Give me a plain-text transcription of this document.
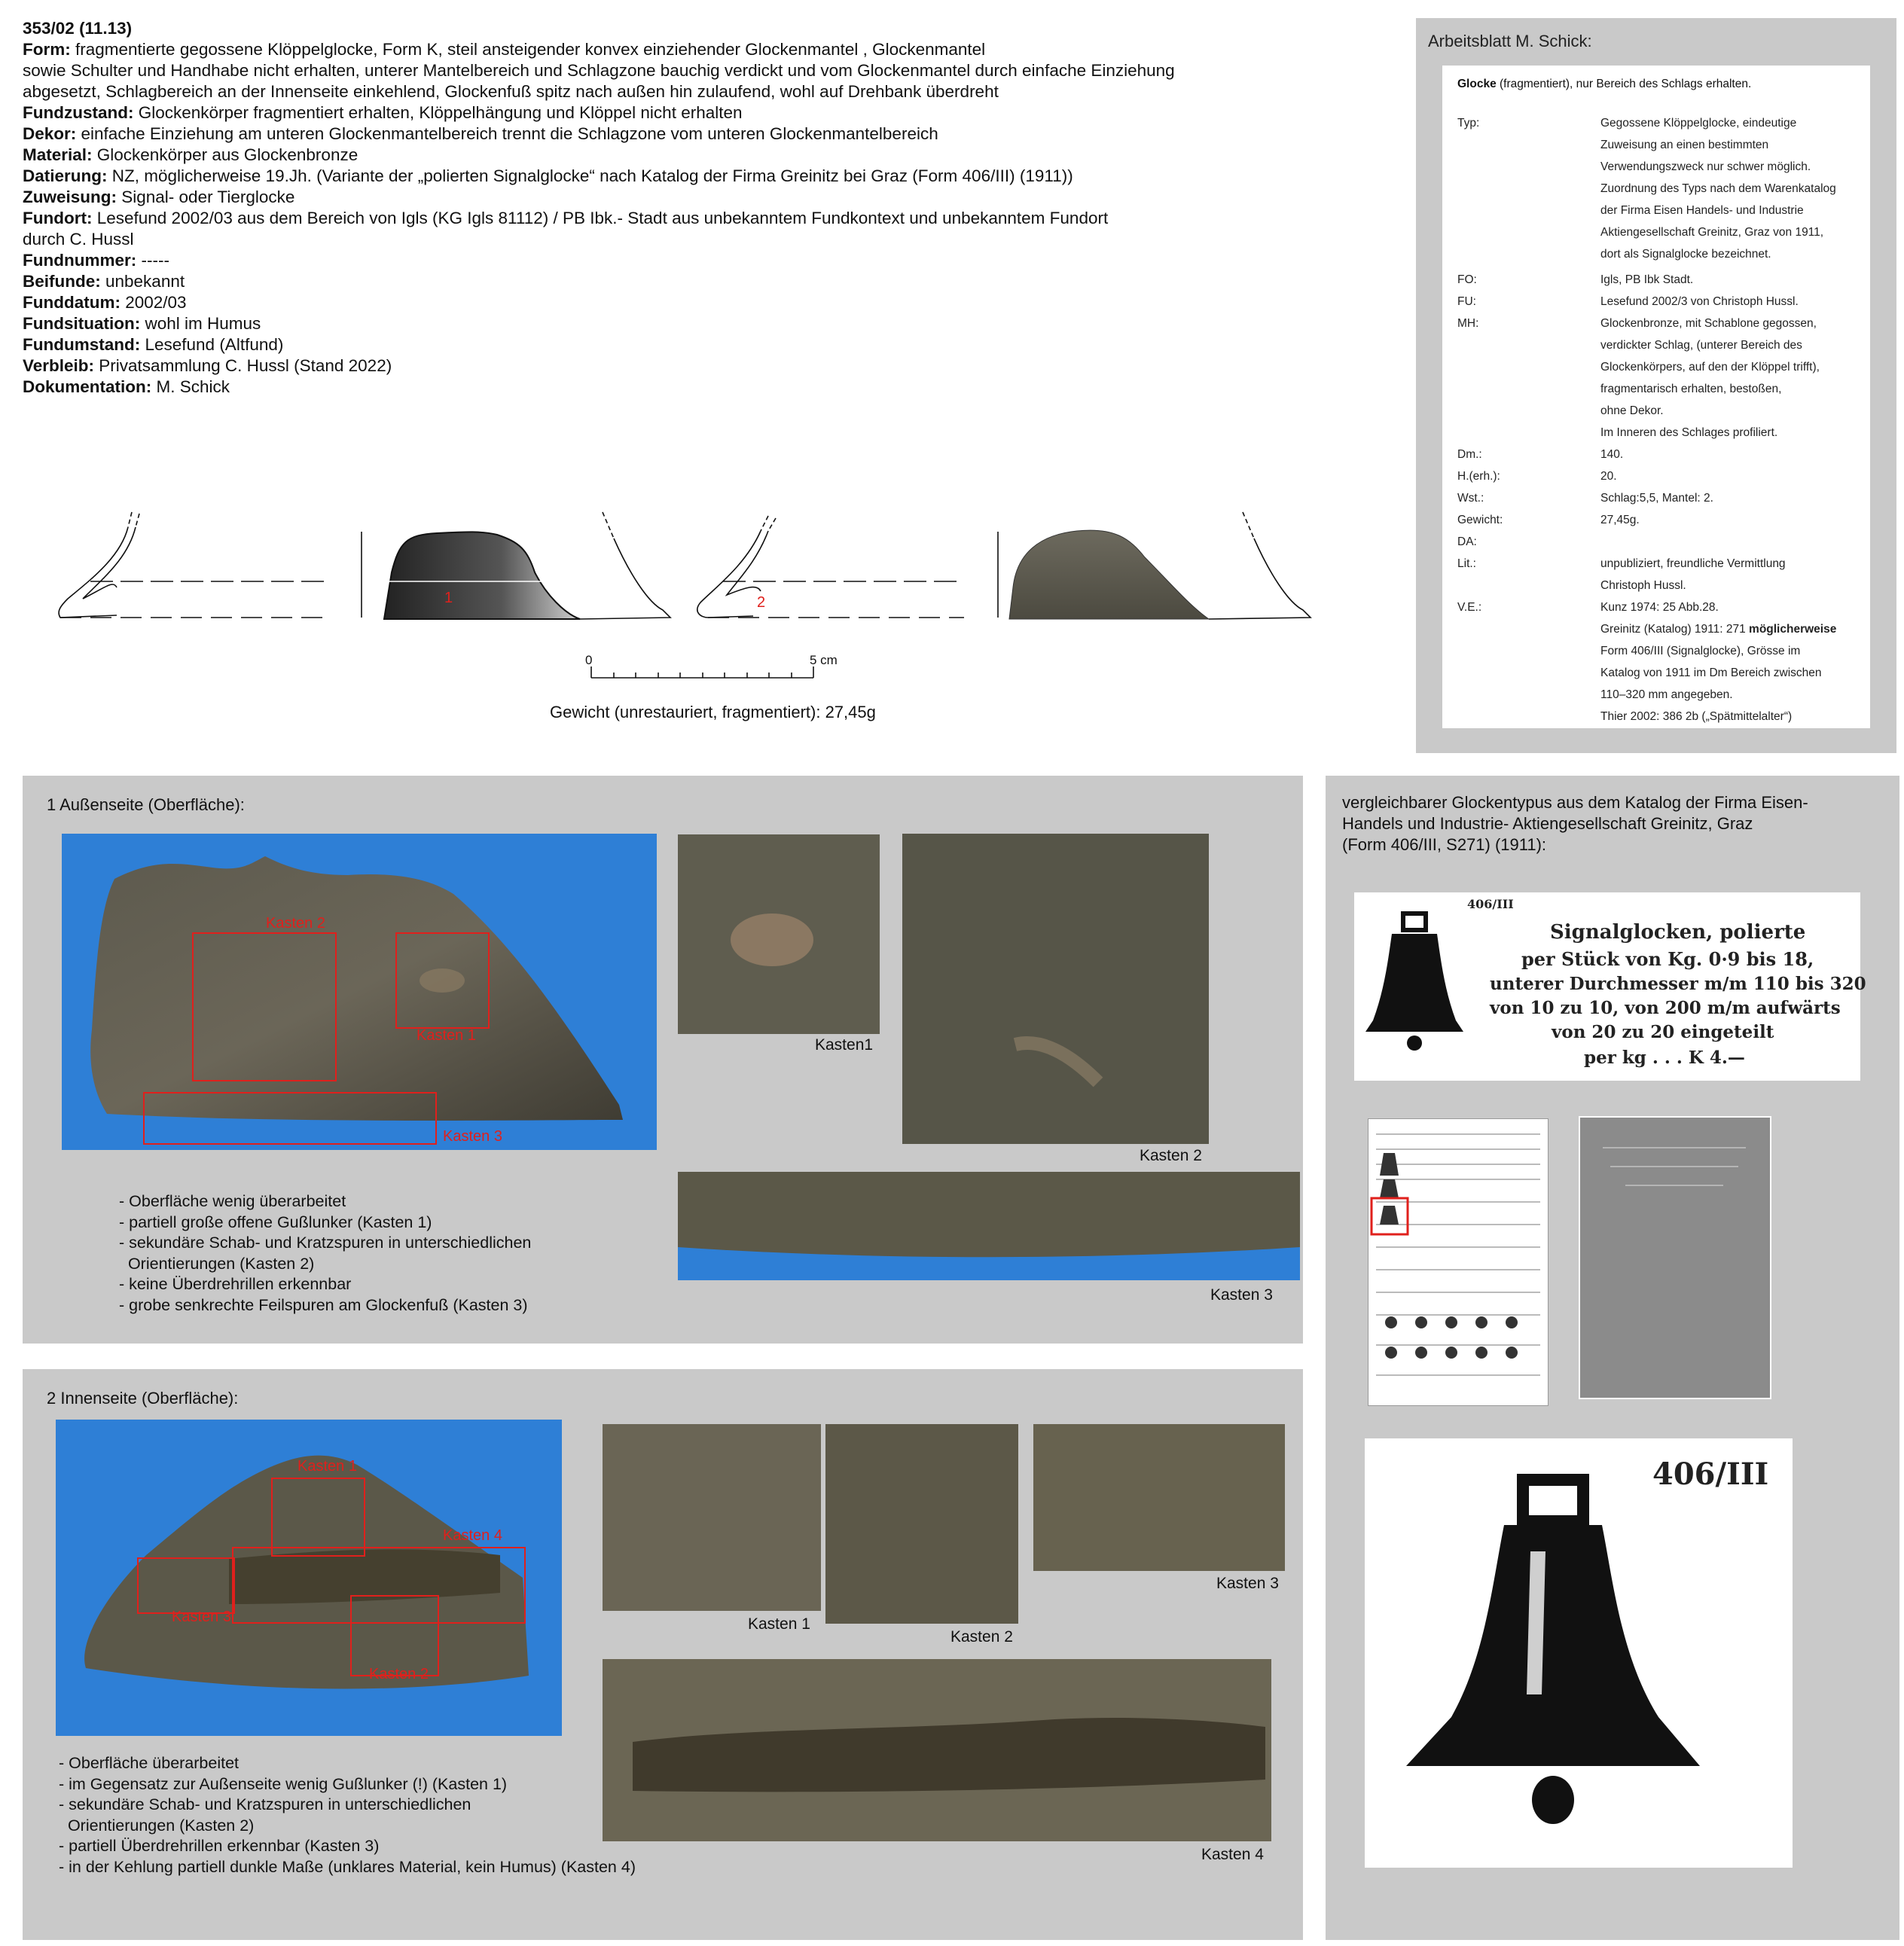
353/02 (11.13)
Form: fragmentierte gegossene Klöppelglocke, Form K, steil ansteigender konvex einziehender Glockenmantel , Glockenmantel
sowie Schulter und Handhabe nicht erhalten, unterer Mantelbereich und Schlagzone bauchig verdickt und vom Glockenmantel durch einfache Einziehung
abgesetzt, Schlagbereich an der Innenseite einkehlend, Glockenfuß spitz nach außen hin zulaufend, wohl auf Drehbank überdreht
Fundzustand: Glockenkörper fragmentiert erhalten, Klöppelhängung und Klöppel nicht erhalten
Dekor: einfache Einziehung am unteren Glockenmantelbereich trennt die Schlagzone vom unteren Glockenmantelbereich
Material: Glockenkörper aus Glockenbronze
Datierung: NZ, möglicherweise 19.Jh. (Variante der „polierten Signalglocke“ nach Katalog der Firma Greinitz bei Graz (Form 406/III) (1911))
Zuweisung: Signal- oder Tierglocke
Fundort: Lesefund 2002/03 aus dem Bereich von Igls (KG Igls 81112) / PB Ibk.- Stadt aus unbekanntem Fundkontext und unbekanntem Fundort
durch C. Hussl
Fundnummer: -----
Beifunde: unbekannt
Funddatum: 2002/03
Fundsituation: wohl im Humus
Fundumstand: Lesefund (Altfund)
Verbleib: Privatsammlung C. Hussl (Stand 2022)
Dokumentation: M. Schick
1	2
0	5 cm
Gewicht (unrestauriert, fragmentiert): 27,45g
Arbeitsblatt M. Schick:
Glocke (fragmentiert), nur Bereich des Schlags erhalten.
Typ:	Gegossene Klöppelglocke, eindeutige
Zuweisung an einen bestimmten
Verwendungszweck nur schwer möglich.
Zuordnung des Typs nach dem Warenkatalog
der Firma Eisen Handels- und Industrie
Aktiengesellschaft Greinitz, Graz von 1911,
dort als Signalglocke bezeichnet.
FO:	Igls, PB Ibk Stadt.
FU:	Lesefund 2002/3 von Christoph Hussl.
MH:	Glockenbronze, mit Schablone gegossen,
verdickter Schlag, (unterer Bereich des
Glockenkörpers, auf den der Klöppel trifft),
fragmentarisch erhalten, bestoßen,
ohne Dekor.
Im Inneren des Schlages profiliert.
Dm.:	140.
H.(erh.):	20.
Wst.:	Schlag:5,5, Mantel: 2.
Gewicht:	27,45g.
DA:
Lit.:	unpubliziert, freundliche Vermittlung
Christoph Hussl.
V.E.:	Kunz 1974: 25 Abb.28.
Greinitz (Katalog) 1911: 271 möglicherweise
Form 406/III (Signalglocke), Grösse im
Katalog von 1911 im Dm Bereich zwischen
110–320 mm angegeben.
Thier 2002: 386 2b („Spätmittelalter“)
1 Außenseite (Oberfläche):
Kasten 2
Kasten 1
Kasten 3
Kasten1
Kasten 2
Kasten 3
- Oberfläche wenig überarbeitet
- partiell große offene Gußlunker (Kasten 1)
- sekundäre Schab- und Kratzspuren in unterschiedlichen
Orientierungen (Kasten 2)
- keine Überdrehrillen erkennbar
- grobe senkrechte Feilspuren am Glockenfuß (Kasten 3)
2 Innenseite (Oberfläche):
Kasten 1
Kasten 4
Kasten 3
Kasten 2
Kasten 1
Kasten 2
Kasten 3
Kasten 4
- Oberfläche überarbeitet
- im Gegensatz zur Außenseite wenig Gußlunker (!) (Kasten 1)
- sekundäre Schab- und Kratzspuren in unterschiedlichen
Orientierungen (Kasten 2)
- partiell Überdrehrillen erkennbar (Kasten 3)
- in der Kehlung partiell dunkle Maße (unklares Material, kein Humus) (Kasten 4)
vergleichbarer Glockentypus aus dem Katalog der Firma Eisen-
Handels und Industrie- Aktiengesellschaft Greinitz, Graz
(Form 406/III, S271) (1911):
406/III
Signalglocken, polierte
per Stück von Kg. 0·9 bis 18,
unterer Durchmesser m/m 110 bis 320
von 10 zu 10, von 200 m/m aufwärts
von 20 zu 20 eingeteilt
per kg . . . K 4.—
406/III
